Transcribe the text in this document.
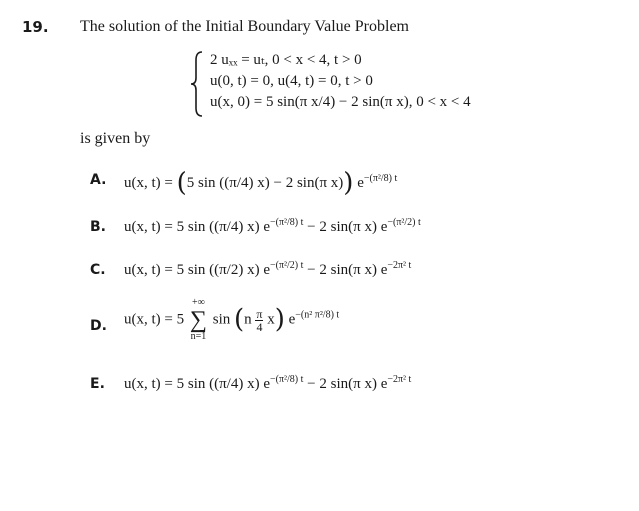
19. The solution of the Initial Boundary Value Problem
2 uₓₓ = uₜ, 0 < x < 4, t > 0
u(0, t) = 0, u(4, t) = 0, t > 0
u(x, 0) = 5 sin(π x/4) − 2 sin(π x), 0 < x < 4
is given by
A. u(x, t) = (5 sin ((π/4) x) − 2 sin(π x)) $e^{-(\pi^2/8) t}$
B. u(x, t) = 5 sin ((π/4) x) $e^{-(\pi^2/8) t} - 2$ sin(π x) $e^{-(\pi^2/2) t}$
C. u(x, t) = 5 sin ((π/2) x) $e^{-(\pi^2/2) t} - 2$ sin(π x) $e^{-2\pi^2 t}$
D. u(x, t) = 5
+∞
∑
n=1
$\sin (n \frac{\pi}{4} x)$ $e^{-(n^2 \pi^2/8) t}$
E. u(x, t) = 5 sin ((π/4) x) $e^{-(\pi^2/8) t} - 2$ sin(π x) $e^{-2\pi^2 t}$
